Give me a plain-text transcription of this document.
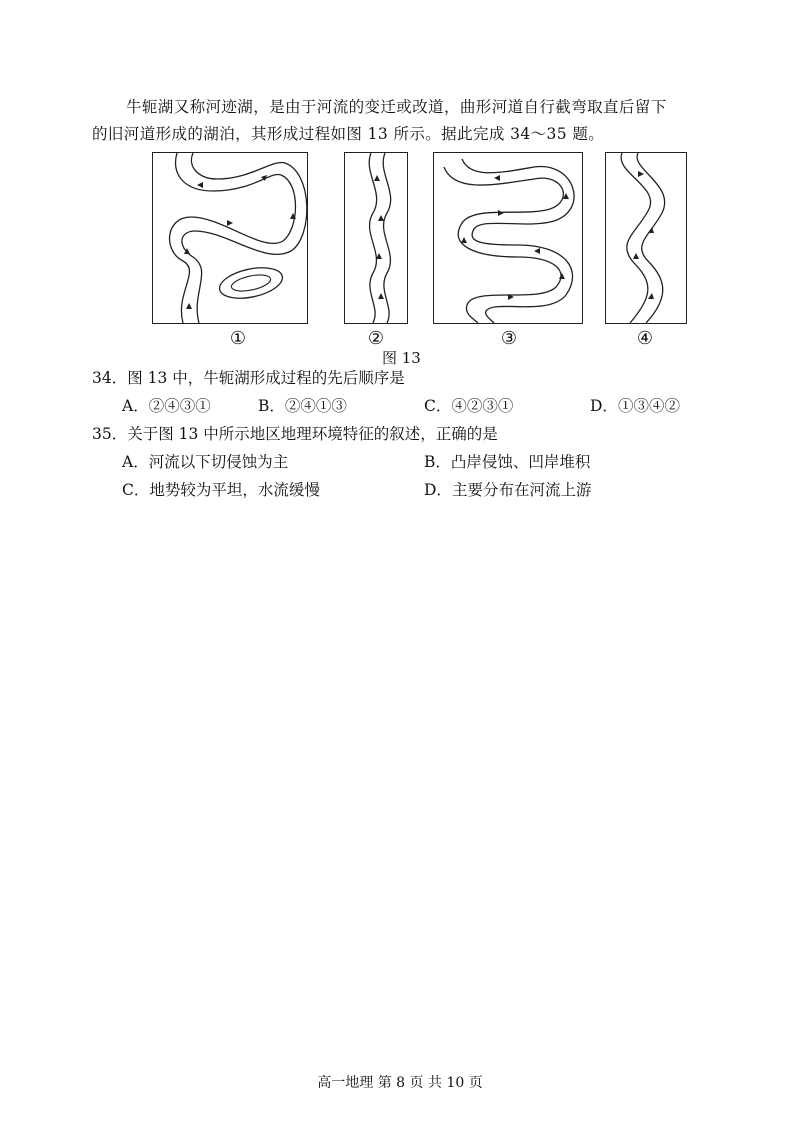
牛轭湖又称河迹湖，是由于河流的变迁或改道，曲形河道自行截弯取直后留下
的旧河道形成的湖泊，其形成过程如图 13 所示。据此完成 34～35 题。
①	②	③	④
图 13
34．图 13 中，牛轭湖形成过程的先后顺序是
A．②④③①	B．②④①③	C．④②③①	D．①③④②
35．关于图 13 中所示地区地理环境特征的叙述，正确的是
A．河流以下切侵蚀为主	B．凸岸侵蚀、凹岸堆积
C．地势较为平坦，水流缓慢	D．主要分布在河流上游
高一地理 第 8 页 共 10 页
